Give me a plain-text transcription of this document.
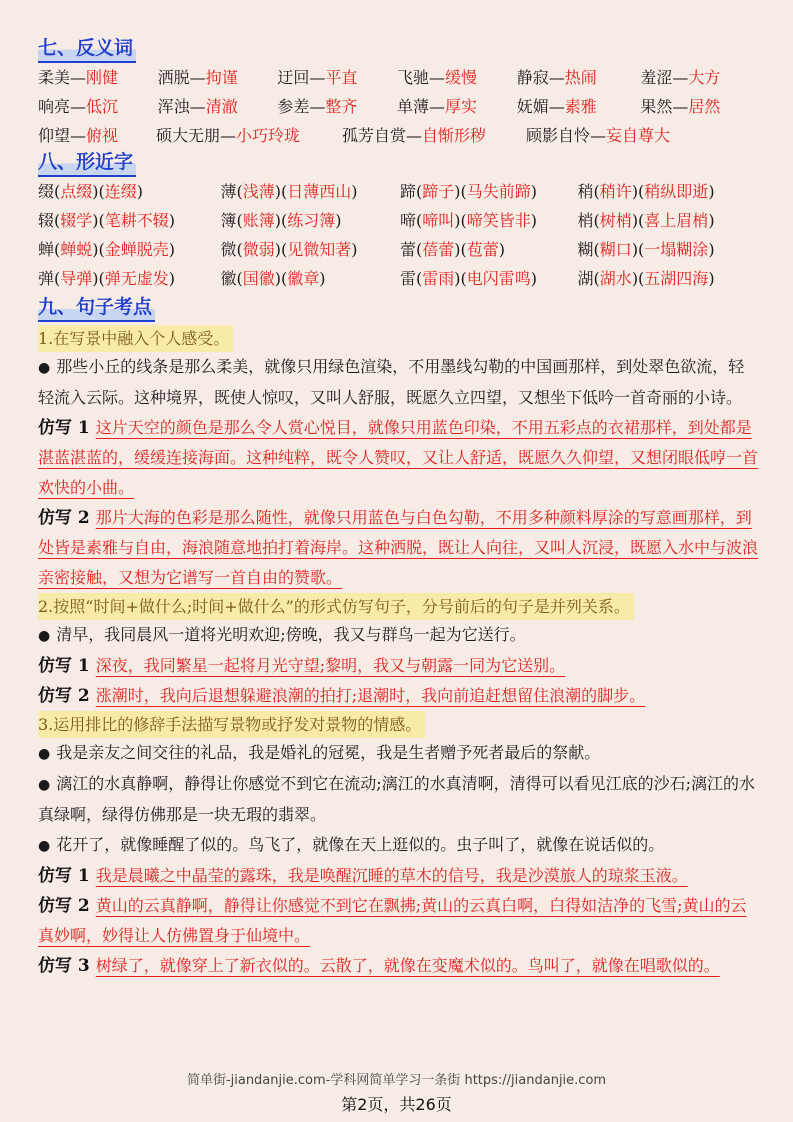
七、反义词
柔美—刚健	洒脱—拘谨	迂回—平直	飞驰—缓慢	静寂—热闹	羞涩—大方
响亮—低沉	浑浊—清澈	参差—整齐	单薄—厚实	妩媚—素雅	果然—居然
仰望—俯视	硕大无朋—小巧玲珑	孤芳自赏—自惭形秽	顾影自怜—妄自尊大
八、形近字
缀(点缀)(连缀)	薄(浅薄)(日薄西山)	蹄(蹄子)(马失前蹄)	稍(稍许)(稍纵即逝)
辍(辍学)(笔耕不辍)	簿(账簿)(练习簿)	啼(啼叫)(啼笑皆非)	梢(树梢)(喜上眉梢)
蝉(蝉蜕)(金蝉脱壳)	微(微弱)(见微知著)	蕾(蓓蕾)(苞蕾)	糊(糊口)(一塌糊涂)
弹(导弹)(弹无虚发)	徽(国徽)(徽章)	雷(雷雨)(电闪雷鸣)	湖(湖水)(五湖四海)
九、句子考点
1.在写景中融入个人感受。

● 那些小丘的线条是那么柔美，就像只用绿色渲染，不用墨线勾勒的中国画那样，到处翠色欲流，轻轻流入云际。这种境界，既使人惊叹，又叫人舒服，既愿久立四望，又想坐下低吟一首奇丽的小诗。

仿写 1 这片天空的颜色是那么令人赏心悦目，就像只用蓝色印染，不用五彩点的衣裙那样，到处都是湛蓝湛蓝的，缓缓连接海面。这种纯粹，既令人赞叹，又让人舒适，既愿久久仰望，又想闭眼低哼一首欢快的小曲。

仿写 2 那片大海的色彩是那么随性，就像只用蓝色与白色勾勒，不用多种颜料厚涂的写意画那样，到处皆是素雅与自由，海浪随意地拍打着海岸。这种洒脱，既让人向往，又叫人沉浸，既愿入水中与波浪亲密接触，又想为它谱写一首自由的赞歌。

2.按照“时间+做什么;时间+做什么”的形式仿写句子，分号前后的句子是并列关系。

● 清早，我同晨风一道将光明欢迎;傍晚，我又与群鸟一起为它送行。

仿写 1 深夜，我同繁星一起将月光守望;黎明，我又与朝露一同为它送别。

仿写 2 涨潮时，我向后退想躲避浪潮的拍打;退潮时，我向前追赶想留住浪潮的脚步。

3.运用排比的修辞手法描写景物或抒发对景物的情感。

● 我是亲友之间交往的礼品，我是婚礼的冠冕，我是生者赠予死者最后的祭献。

● 漓江的水真静啊，静得让你感觉不到它在流动;漓江的水真清啊，清得可以看见江底的沙石;漓江的水真绿啊，绿得仿佛那是一块无瑕的翡翠。

● 花开了，就像睡醒了似的。鸟飞了，就像在天上逛似的。虫子叫了，就像在说话似的。

仿写 1 我是晨曦之中晶莹的露珠，我是唤醒沉睡的草木的信号，我是沙漠旅人的琼浆玉液。

仿写 2 黄山的云真静啊，静得让你感觉不到它在飘拂;黄山的云真白啊，白得如洁净的飞雪;黄山的云真妙啊，妙得让人仿佛置身于仙境中。

仿写 3 树绿了，就像穿上了新衣似的。云散了，就像在变魔术似的。鸟叫了，就像在唱歌似的。

简单街-jiandanjie.com-学科网简单学习一条街 https://jiandanjie.com
第2页，共26页
